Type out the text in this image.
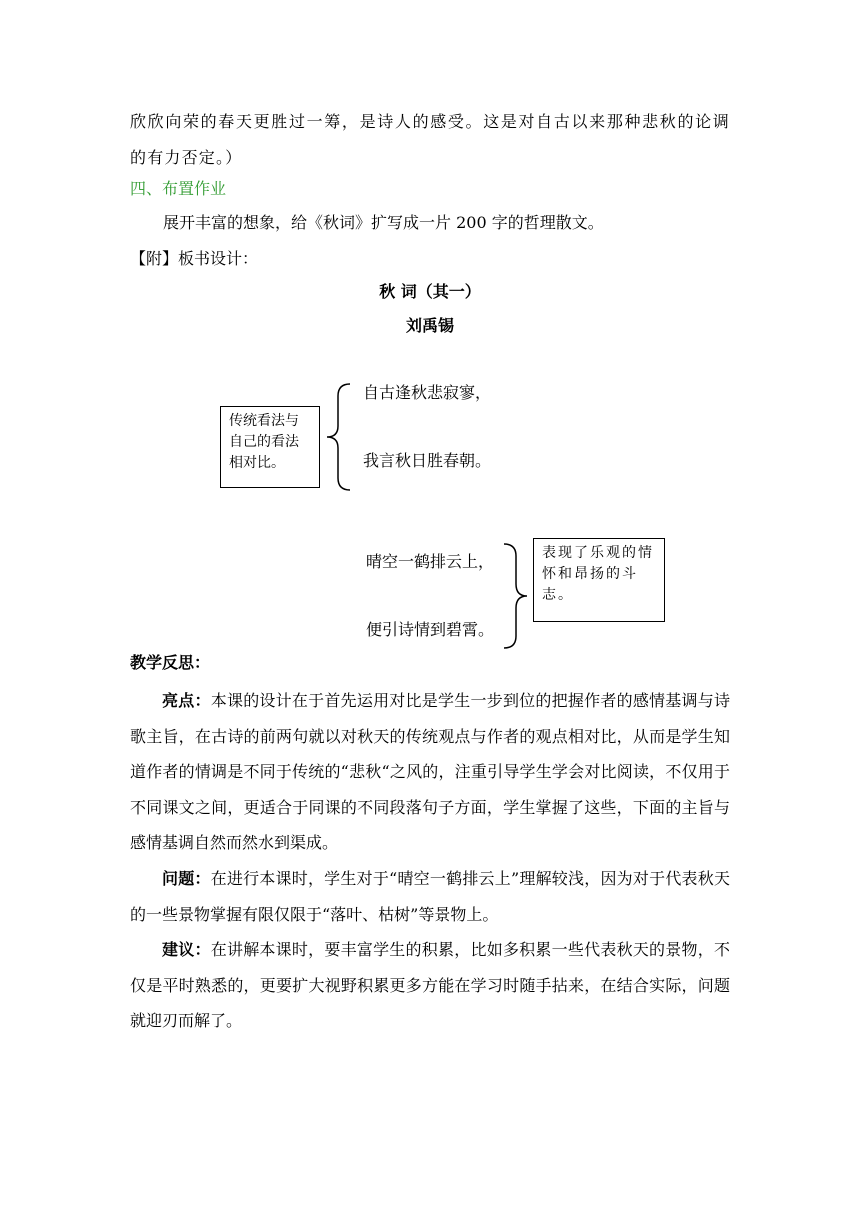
欣欣向荣的春天更胜过一筹，是诗人的感受。这是对自古以来那种悲秋的论调的有力否定。）
四、布置作业
展开丰富的想象，给《秋词》扩写成一片 200 字的哲理散文。
【附】板书设计：
秋 词（其一）
刘禹锡
传统看法与自己的看法相对比。
自古逢秋悲寂寥，
我言秋日胜春朝。
晴空一鹤排云上，
便引诗情到碧霄。
表现了乐观的情怀和昂扬的斗志。
教学反思：
亮点：本课的设计在于首先运用对比是学生一步到位的把握作者的感情基调与诗歌主旨，在古诗的前两句就以对秋天的传统观点与作者的观点相对比，从而是学生知道作者的情调是不同于传统的“悲秋“之风的，注重引导学生学会对比阅读，不仅用于不同课文之间，更适合于同课的不同段落句子方面，学生掌握了这些，下面的主旨与感情基调自然而然水到渠成。
问题：在进行本课时，学生对于“晴空一鹤排云上”理解较浅，因为对于代表秋天的一些景物掌握有限仅限于“落叶、枯树”等景物上。
建议：在讲解本课时，要丰富学生的积累，比如多积累一些代表秋天的景物，不仅是平时熟悉的，更要扩大视野积累更多方能在学习时随手拈来，在结合实际，问题就迎刃而解了。
